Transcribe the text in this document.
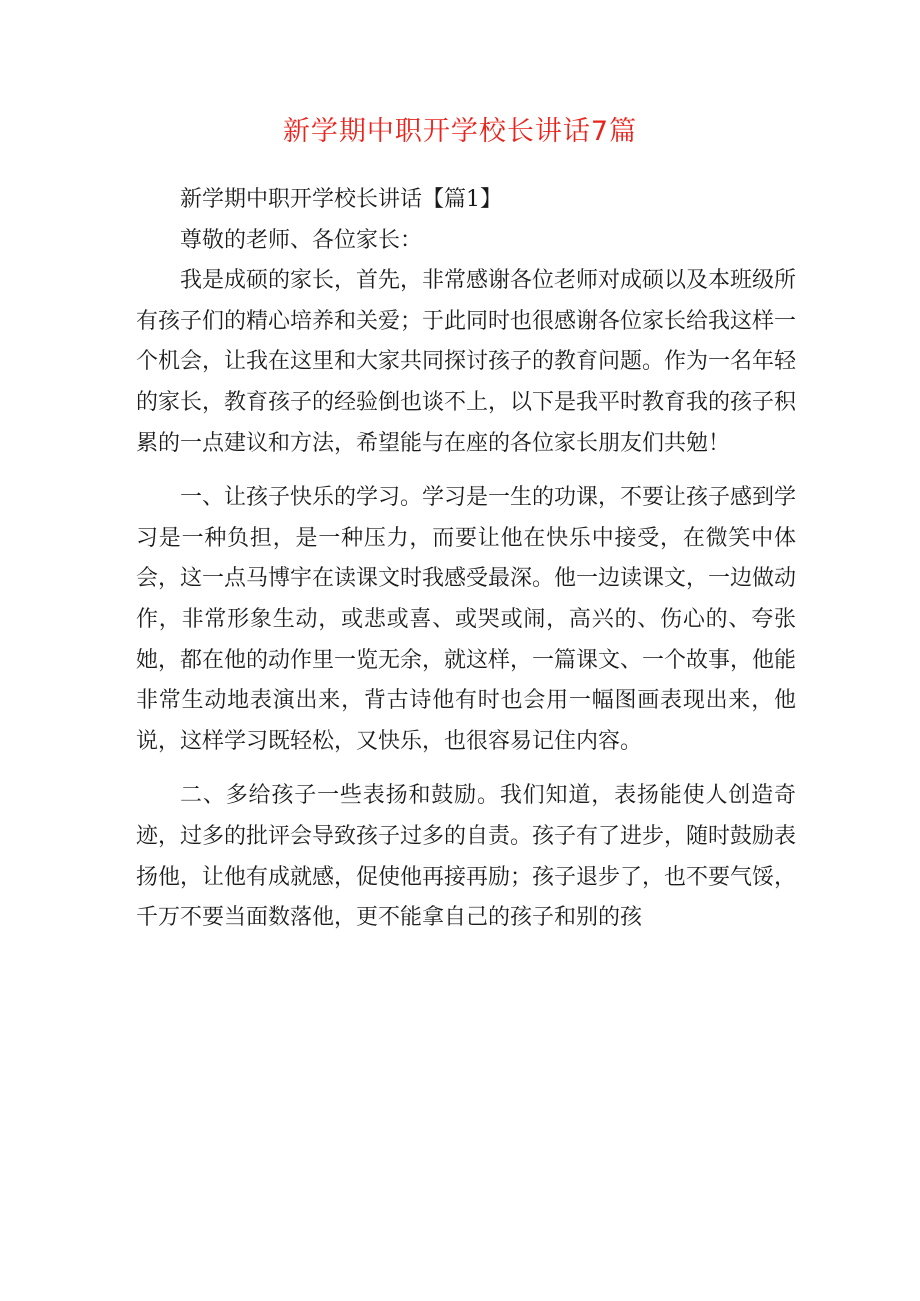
新学期中职开学校长讲话7篇

新学期中职开学校长讲话【篇1】

尊敬的老师、各位家长：

我是成硕的家长，首先，非常感谢各位老师对成硕以及本班级所有孩子们的精心培养和关爱；于此同时也很感谢各位家长给我这样一个机会，让我在这里和大家共同探讨孩子的教育问题。作为一名年轻的家长，教育孩子的经验倒也谈不上，以下是我平时教育我的孩子积累的一点建议和方法，希望能与在座的各位家长朋友们共勉！

一、让孩子快乐的学习。学习是一生的功课，不要让孩子感到学习是一种负担，是一种压力，而要让他在快乐中接受，在微笑中体会，这一点马博宇在读课文时我感受最深。他一边读课文，一边做动作，非常形象生动，或悲或喜、或哭或闹，高兴的、伤心的、夸张她，都在他的动作里一览无余，就这样，一篇课文、一个故事，他能非常生动地表演出来，背古诗他有时也会用一幅图画表现出来，他说，这样学习既轻松，又快乐，也很容易记住内容。

二、多给孩子一些表扬和鼓励。我们知道，表扬能使人创造奇迹，过多的批评会导致孩子过多的自责。孩子有了进步，随时鼓励表扬他，让他有成就感，促使他再接再励；孩子退步了，也不要气馁，千万不要当面数落他，更不能拿自己的孩子和别的孩
